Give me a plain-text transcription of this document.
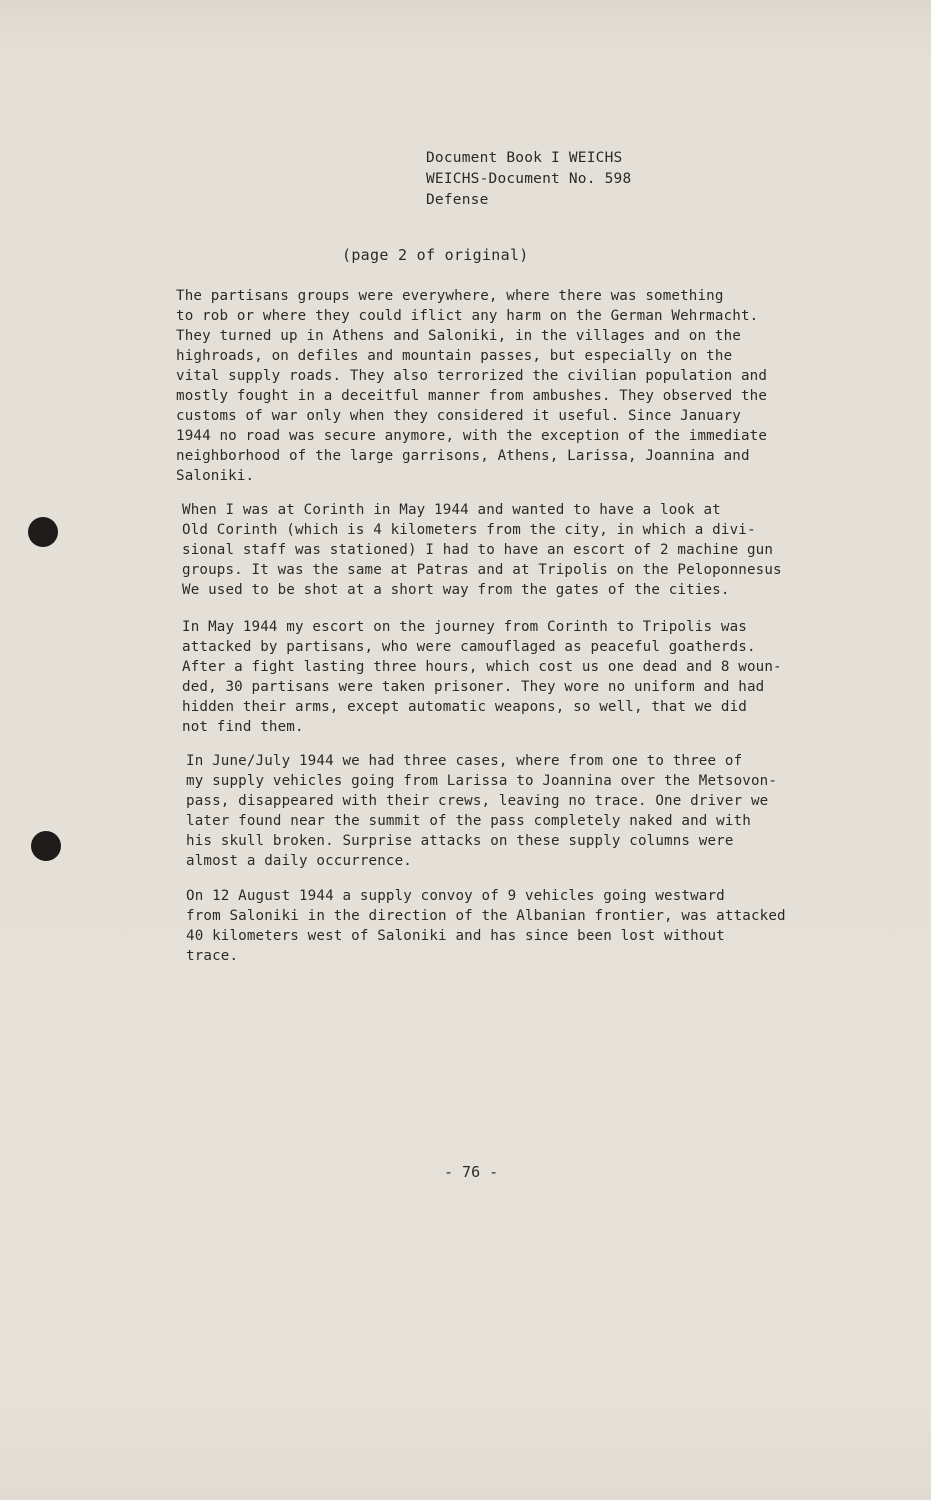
Document Book I WEICHS
WEICHS-Document No. 598
Defense
(page 2 of original)
The partisans groups were everywhere, where there was something
to rob or where they could iflict any harm on the German Wehrmacht.
They turned up in Athens and Saloniki, in the villages and on the
highroads, on defiles and mountain passes, but especially on the
vital supply roads. They also terrorized the civilian population and
mostly fought in a deceitful manner from ambushes. They observed the
customs of war only when they considered it useful. Since January
1944 no road was secure anymore, with the exception of the immediate
neighborhood of the large garrisons, Athens, Larissa, Joannina and
Saloniki.
When I was at Corinth in May 1944 and wanted to have a look at
Old Corinth (which is 4 kilometers from the city, in which a divi-
sional staff was stationed) I had to have an escort of 2 machine gun
groups. It was the same at Patras and at Tripolis on the Peloponnesus
We used to be shot at a short way from the gates of the cities.
In May 1944 my escort on the journey from Corinth to Tripolis was
attacked by partisans, who were camouflaged as peaceful goatherds.
After a fight lasting three hours, which cost us one dead and 8 woun-
ded, 30 partisans were taken prisoner. They wore no uniform and had
hidden their arms, except automatic weapons, so well, that we did
not find them.
In June/July 1944 we had three cases, where from one to three of
my supply vehicles going from Larissa to Joannina over the Metsovon-
pass, disappeared with their crews, leaving no trace. One driver we
later found near the summit of the pass completely naked and with
his skull broken. Surprise attacks on these supply columns were
almost a daily occurrence.
On 12 August 1944 a supply convoy of 9 vehicles going westward
from Saloniki in the direction of the Albanian frontier, was attacked
40 kilometers west of Saloniki and has since been lost without
trace.
- 76 -
